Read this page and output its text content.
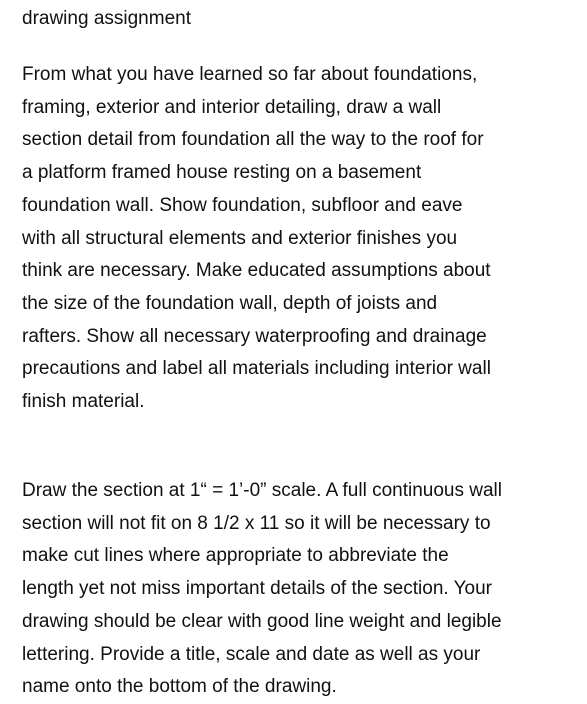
drawing assignment

From what you have learned so far about foundations,
framing, exterior and interior detailing, draw a wall
section detail from foundation all the way to the roof for
a platform framed house resting on a basement
foundation wall. Show foundation, subfloor and eave
with all structural elements and exterior finishes you
think are necessary. Make educated assumptions about
the size of the foundation wall, depth of joists and
rafters. Show all necessary waterproofing and drainage
precautions and label all materials including interior wall
finish material.

Draw the section at 1“ = 1’-0” scale. A full continuous wall
section will not fit on 8 1/2 x 11 so it will be necessary to
make cut lines where appropriate to abbreviate the
length yet not miss important details of the section. Your
drawing should be clear with good line weight and legible
lettering. Provide a title, scale and date as well as your
name onto the bottom of the drawing.
